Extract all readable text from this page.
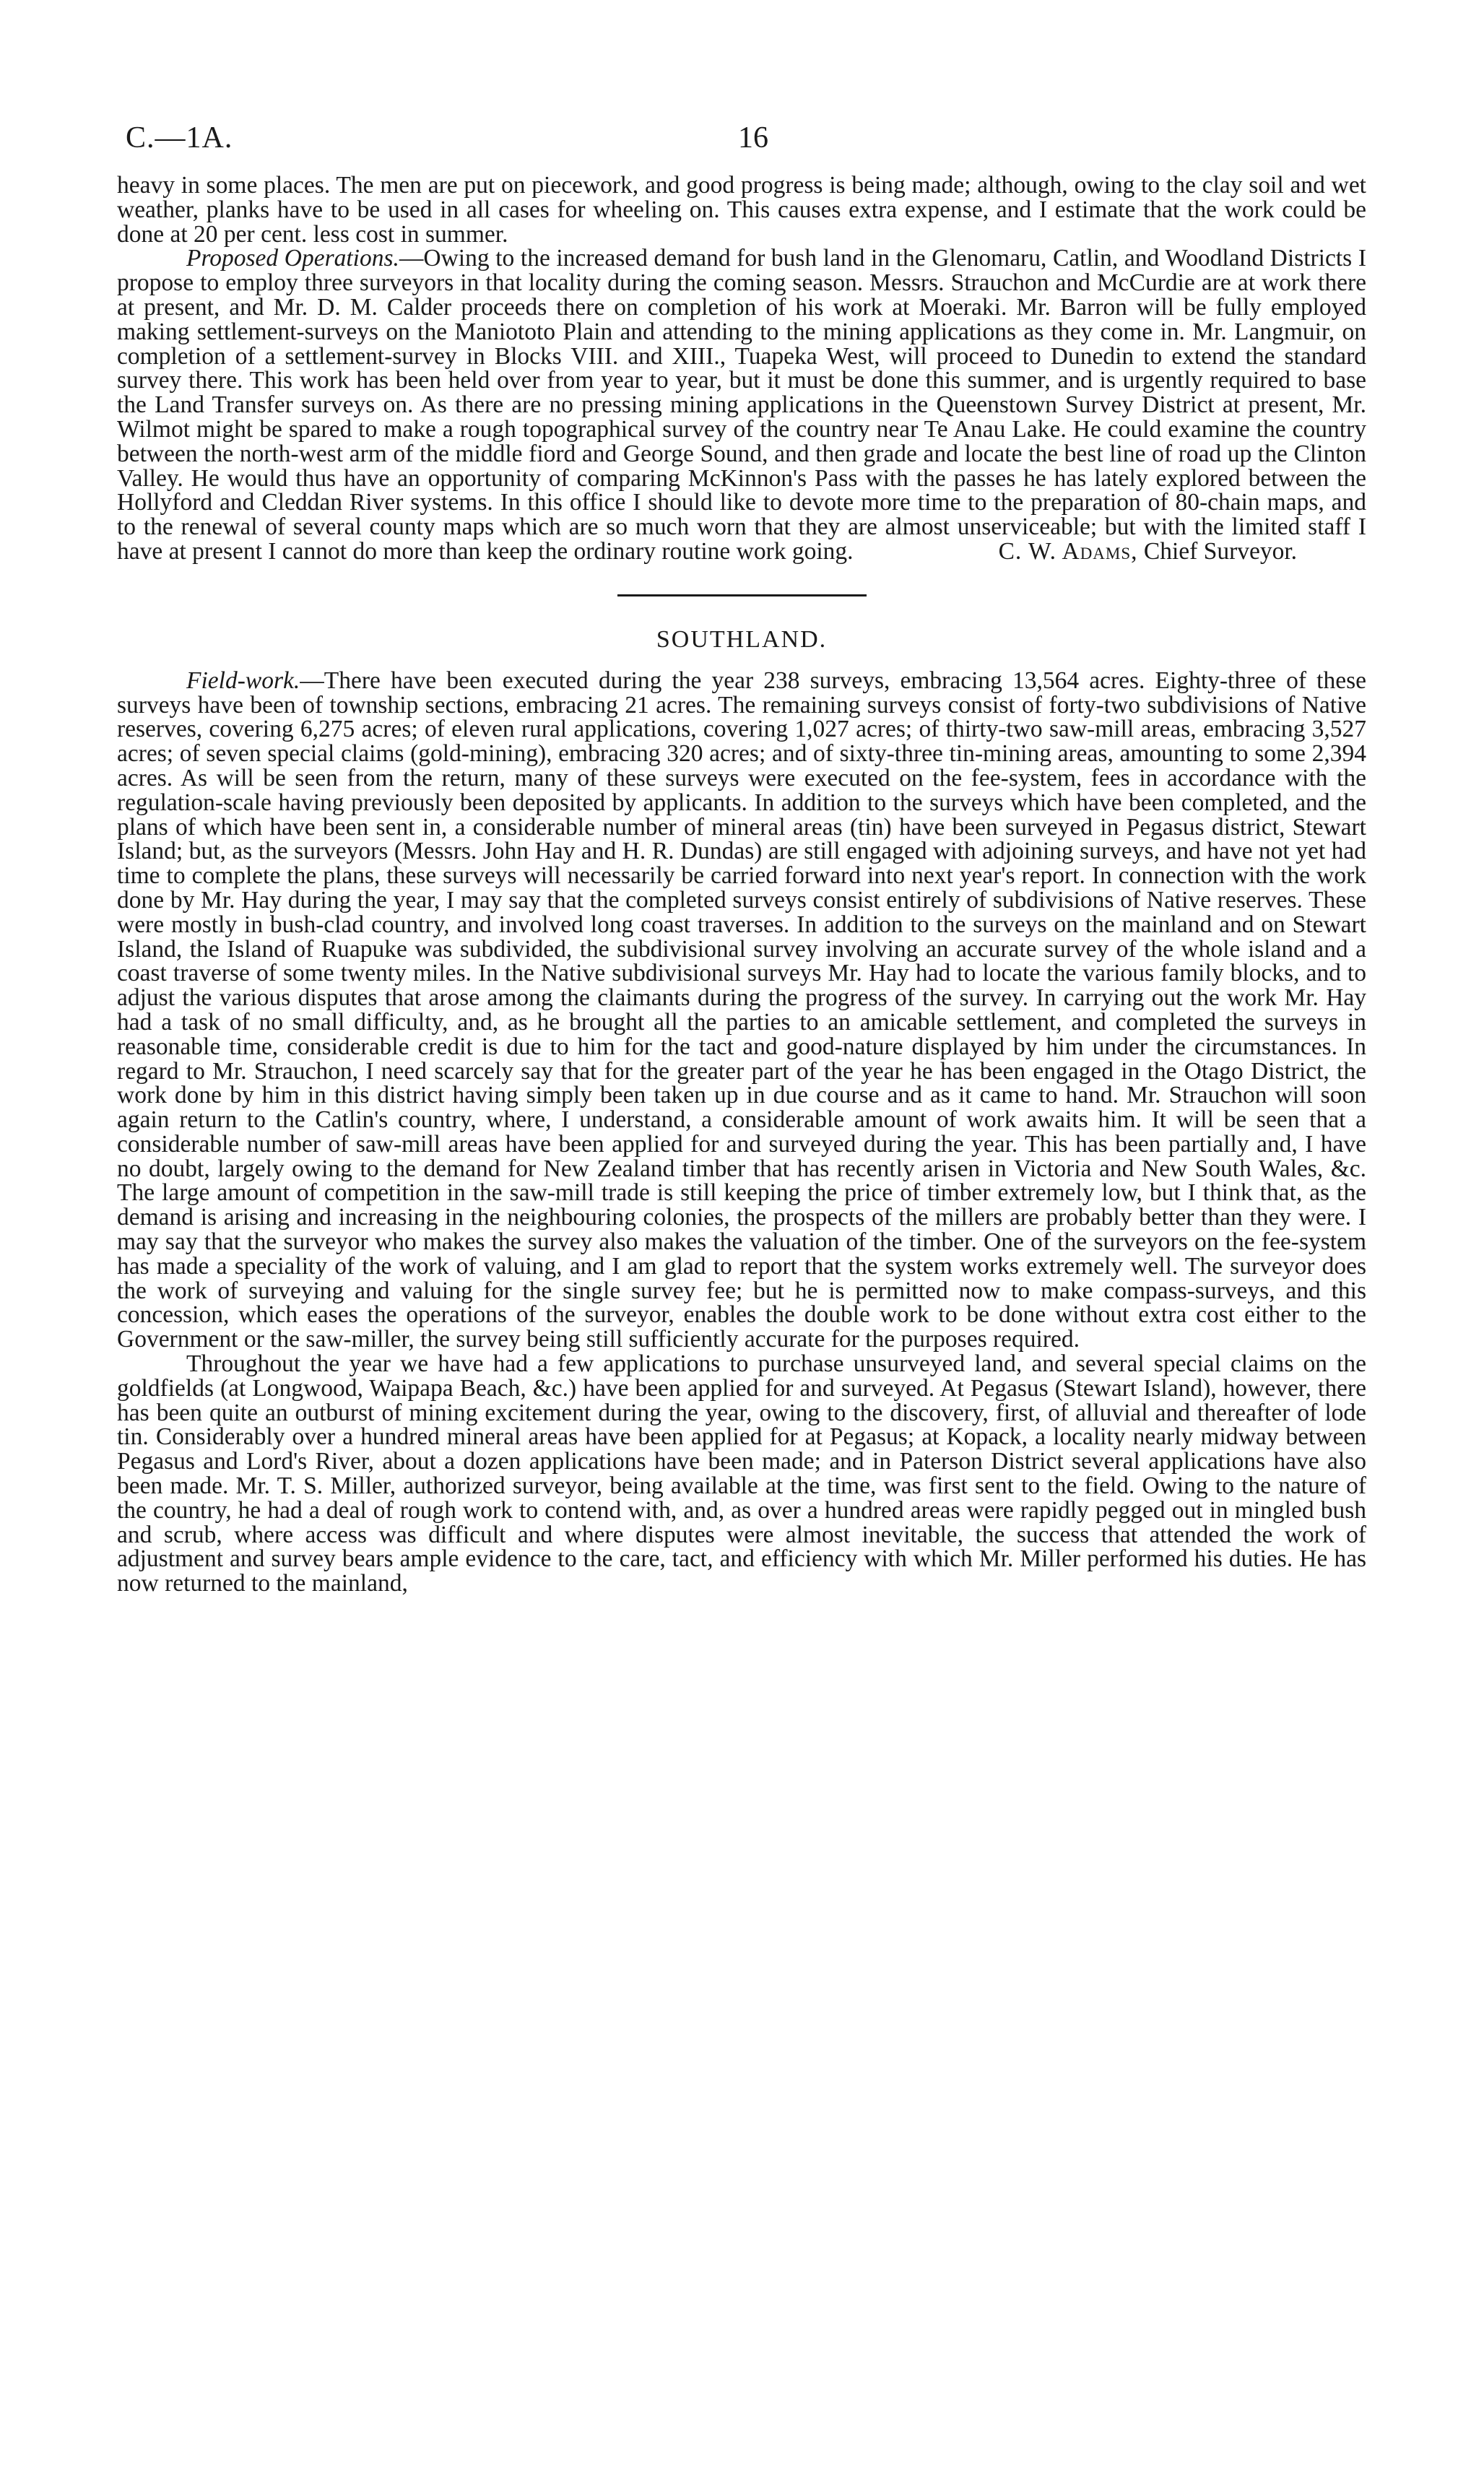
C.—1A.	16

heavy in some places. The men are put on piecework, and good progress is being made; although, owing to the clay soil and wet weather, planks have to be used in all cases for wheeling on. This causes extra expense, and I estimate that the work could be done at 20 per cent. less cost in summer.

Proposed Operations.—Owing to the increased demand for bush land in the Glenomaru, Catlin, and Woodland Districts I propose to employ three surveyors in that locality during the coming season. Messrs. Strauchon and McCurdie are at work there at present, and Mr. D. M. Calder proceeds there on completion of his work at Moeraki. Mr. Barron will be fully employed making settlement-surveys on the Maniototo Plain and attending to the mining applications as they come in. Mr. Langmuir, on completion of a settlement-survey in Blocks VIII. and XIII., Tuapeka West, will proceed to Dunedin to extend the standard survey there. This work has been held over from year to year, but it must be done this summer, and is urgently required to base the Land Transfer surveys on. As there are no pressing mining applications in the Queenstown Survey District at present, Mr. Wilmot might be spared to make a rough topographical survey of the country near Te Anau Lake. He could examine the country between the north-west arm of the middle fiord and George Sound, and then grade and locate the best line of road up the Clinton Valley. He would thus have an opportunity of comparing McKinnon's Pass with the passes he has lately explored between the Hollyford and Cleddan River systems. In this office I should like to devote more time to the preparation of 80-chain maps, and to the renewal of several county maps which are so much worn that they are almost unserviceable; but with the limited staff I have at present I cannot do more than keep the ordinary routine work going.      	C. W. Adams, Chief Surveyor.

SOUTHLAND.

Field-work.—There have been executed during the year 238 surveys, embracing 13,564 acres. Eighty-three of these surveys have been of township sections, embracing 21 acres. The remaining surveys consist of forty-two subdivisions of Native reserves, covering 6,275 acres; of eleven rural applications, covering 1,027 acres; of thirty-two saw-mill areas, embracing 3,527 acres; of seven special claims (gold-mining), embracing 320 acres; and of sixty-three tin-mining areas, amounting to some 2,394 acres. As will be seen from the return, many of these surveys were executed on the fee-system, fees in accordance with the regulation-scale having previously been deposited by applicants. In addition to the surveys which have been completed, and the plans of which have been sent in, a considerable number of mineral areas (tin) have been surveyed in Pegasus district, Stewart Island; but, as the surveyors (Messrs. John Hay and H. R. Dundas) are still engaged with adjoining surveys, and have not yet had time to complete the plans, these surveys will necessarily be carried forward into next year's report. In connection with the work done by Mr. Hay during the year, I may say that the completed surveys consist entirely of subdivisions of Native reserves. These were mostly in bush-clad country, and involved long coast traverses. In addition to the surveys on the mainland and on Stewart Island, the Island of Ruapuke was subdivided, the subdivisional survey involving an accurate survey of the whole island and a coast traverse of some twenty miles. In the Native subdivisional surveys Mr. Hay had to locate the various family blocks, and to adjust the various disputes that arose among the claimants during the progress of the survey. In carrying out the work Mr. Hay had a task of no small difficulty, and, as he brought all the parties to an amicable settlement, and completed the surveys in reasonable time, considerable credit is due to him for the tact and good-nature displayed by him under the circumstances. In regard to Mr. Strauchon, I need scarcely say that for the greater part of the year he has been engaged in the Otago District, the work done by him in this district having simply been taken up in due course and as it came to hand. Mr. Strauchon will soon again return to the Catlin's country, where, I understand, a considerable amount of work awaits him. It will be seen that a considerable number of saw-mill areas have been applied for and surveyed during the year. This has been partially and, I have no doubt, largely owing to the demand for New Zealand timber that has recently arisen in Victoria and New South Wales, &c. The large amount of competition in the saw-mill trade is still keeping the price of timber extremely low, but I think that, as the demand is arising and increasing in the neighbouring colonies, the prospects of the millers are probably better than they were. I may say that the surveyor who makes the survey also makes the valuation of the timber. One of the surveyors on the fee-system has made a speciality of the work of valuing, and I am glad to report that the system works extremely well. The surveyor does the work of surveying and valuing for the single survey fee; but he is permitted now to make compass-surveys, and this concession, which eases the operations of the surveyor, enables the double work to be done without extra cost either to the Government or the saw-miller, the survey being still sufficiently accurate for the purposes required.

Throughout the year we have had a few applications to purchase unsurveyed land, and several special claims on the goldfields (at Longwood, Waipapa Beach, &c.) have been applied for and surveyed. At Pegasus (Stewart Island), however, there has been quite an outburst of mining excitement during the year, owing to the discovery, first, of alluvial and thereafter of lode tin. Considerably over a hundred mineral areas have been applied for at Pegasus; at Kopack, a locality nearly midway between Pegasus and Lord's River, about a dozen applications have been made; and in Paterson District several applications have also been made. Mr. T. S. Miller, authorized surveyor, being available at the time, was first sent to the field. Owing to the nature of the country, he had a deal of rough work to contend with, and, as over a hundred areas were rapidly pegged out in mingled bush and scrub, where access was difficult and where disputes were almost inevitable, the success that attended the work of adjustment and survey bears ample evidence to the care, tact, and efficiency with which Mr. Miller performed his duties. He has now returned to the mainland,
